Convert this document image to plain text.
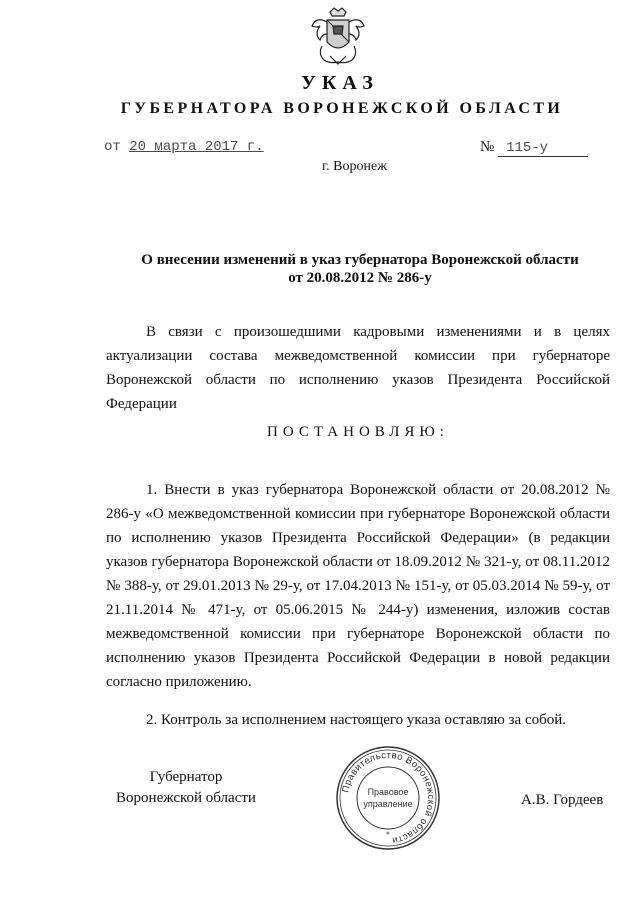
УКАЗ
ГУБЕРНАТОРА ВОРОНЕЖСКОЙ ОБЛАСТИ
от 20 марта 2017 г.	№ 115-у
г. Воронеж
О внесении изменений в указ губернатора Воронежской области
от 20.08.2012 № 286-у
В связи с произошедшими кадровыми изменениями и в целях актуализации состава межведомственной комиссии при губернаторе Воронежской области по исполнению указов Президента Российской Федерации
ПОСТАНОВЛЯЮ:
1. Внести в указ губернатора Воронежской области от 20.08.2012 № 286-у «О межведомственной комиссии при губернаторе Воронежской области по исполнению указов Президента Российской Федерации» (в редакции указов губернатора Воронежской области от 18.09.2012 № 321-у, от 08.11.2012 № 388-у, от 29.01.2013 № 29-у, от 17.04.2013 № 151-у, от 05.03.2014 № 59-у, от 21.11.2014 № 471-у, от 05.06.2015 № 244-у) изменения, изложив состав межведомственной комиссии при губернаторе Воронежской области по исполнению указов Президента Российской Федерации в новой редакции согласно приложению.
2. Контроль за исполнением настоящего указа оставляю за собой.
Губернатор
Воронежской области
Правительство Воронежской области
Правовое
управление
*
А.В. Гордеев
